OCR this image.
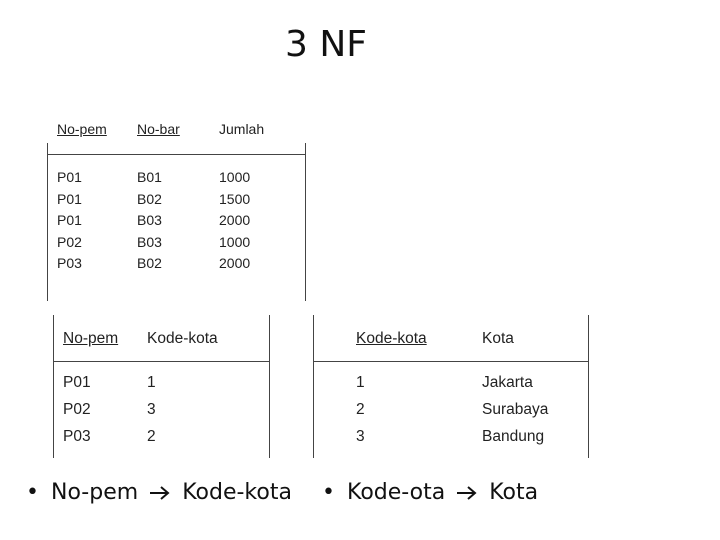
3 NF
No-pem No-bar	Jumlah
P01	B01	1000
P01	B02	1500
P01	B03	2000
P02	B03	1000
P03	B02	2000
No-pem Kode-kota
P01	1
P02	3
P03	2
Kode-kota	Kota
1	Jakarta
2	Surabaya
3	Bandung
• No-pem Kode-kota • Kode-ota Kota
